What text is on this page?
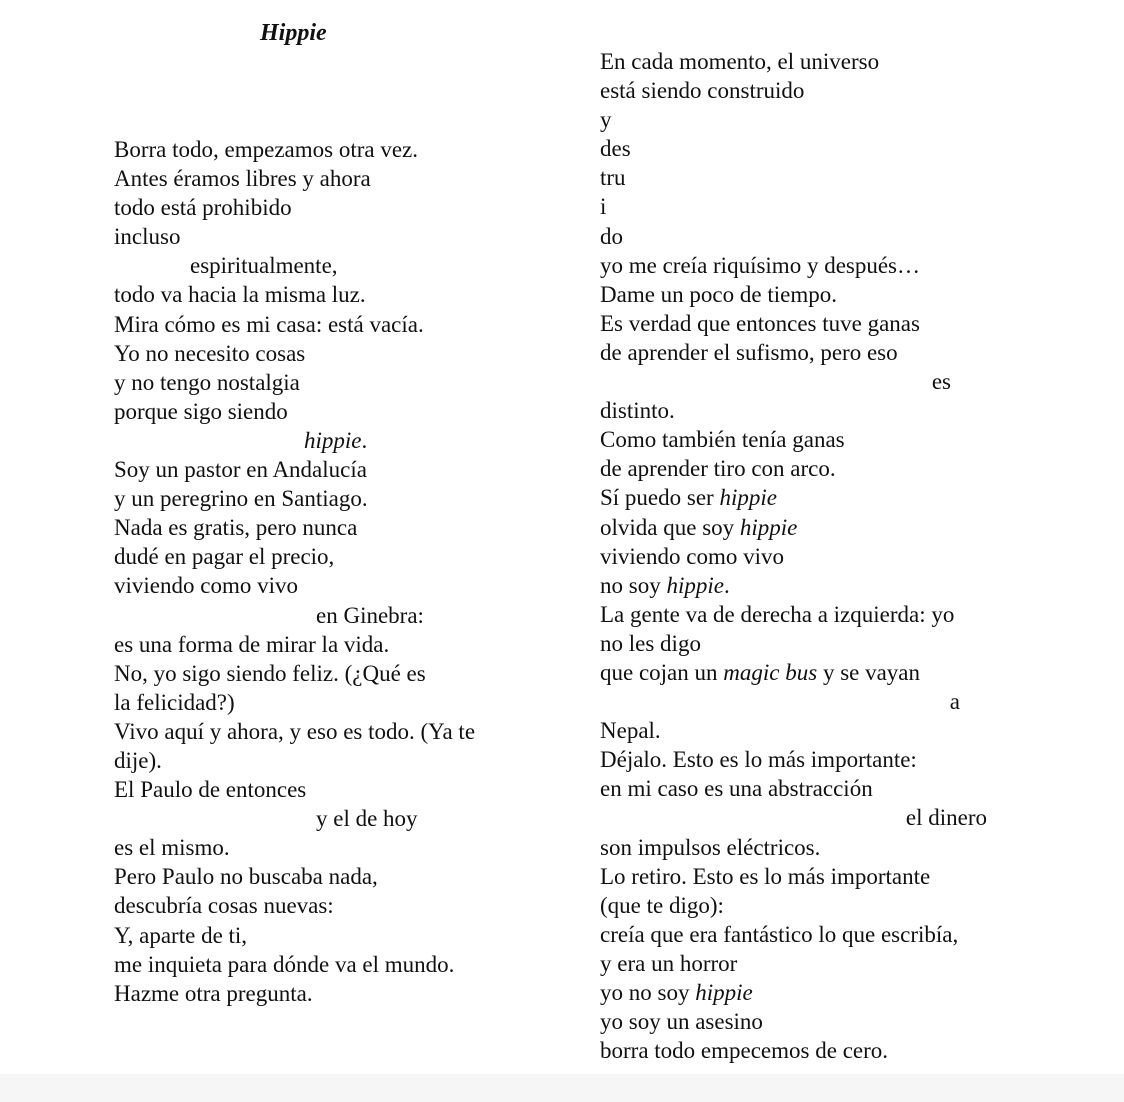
Hippie
Borra todo, empezamos otra vez.
Antes éramos libres y ahora
todo está prohibido
incluso
espiritualmente,
todo va hacia la misma luz.
Mira cómo es mi casa: está vacía.
Yo no necesito cosas
y no tengo nostalgia
porque sigo siendo
hippie.
Soy un pastor en Andalucía
y un peregrino en Santiago.
Nada es gratis, pero nunca
dudé en pagar el precio,
viviendo como vivo
en Ginebra:
es una forma de mirar la vida.
No, yo sigo siendo feliz. (¿Qué es
la felicidad?)
Vivo aquí y ahora, y eso es todo. (Ya te
dije).
El Paulo de entonces
y el de hoy
es el mismo.
Pero Paulo no buscaba nada,
descubría cosas nuevas:
Y, aparte de ti,
me inquieta para dónde va el mundo.
Hazme otra pregunta.
En cada momento, el universo
está siendo construido
y
des
tru
i
do
yo me creía riquísimo y después…
Dame un poco de tiempo.
Es verdad que entonces tuve ganas
de aprender el sufismo, pero eso
es
distinto.
Como también tenía ganas
de aprender tiro con arco.
Sí puedo ser hippie
olvida que soy hippie
viviendo como vivo
no soy hippie.
La gente va de derecha a izquierda: yo
no les digo
que cojan un magic bus y se vayan
a
Nepal.
Déjalo. Esto es lo más importante:
en mi caso es una abstracción
el dinero
son impulsos eléctricos.
Lo retiro. Esto es lo más importante
(que te digo):
creía que era fantástico lo que escribía,
y era un horror
yo no soy hippie
yo soy un asesino
borra todo empecemos de cero.
